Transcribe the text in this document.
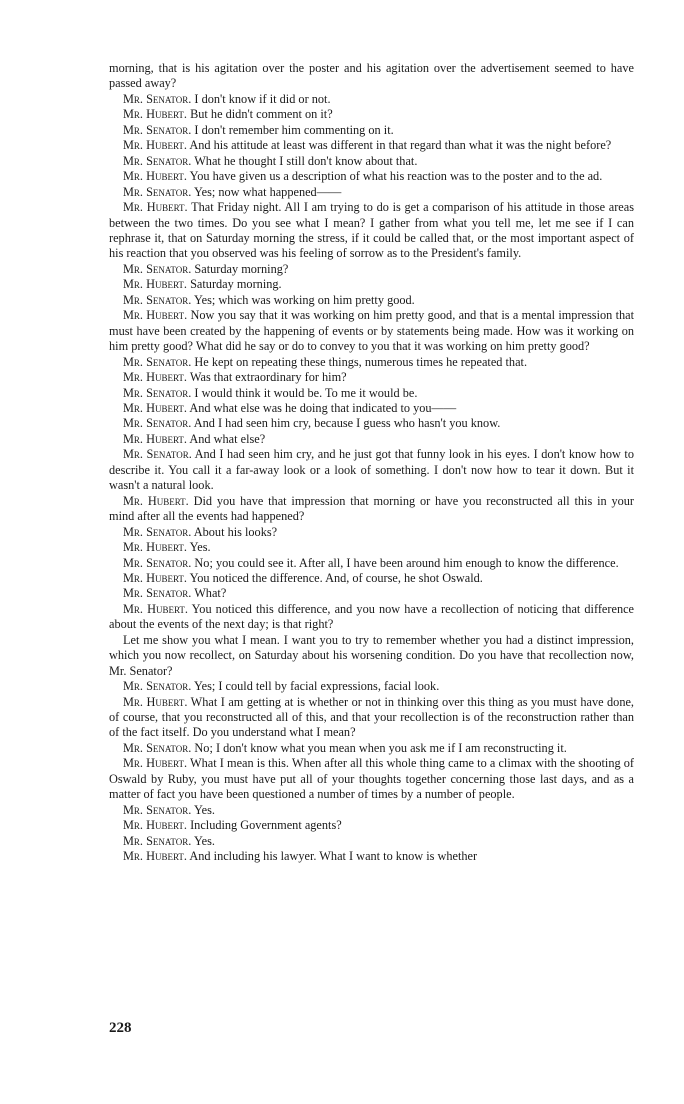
morning, that is his agitation over the poster and his agitation over the advertisement seemed to have passed away?

Mr. Senator. I don't know if it did or not.

Mr. Hubert. But he didn't comment on it?

Mr. Senator. I don't remember him commenting on it.

Mr. Hubert. And his attitude at least was different in that regard than what it was the night before?

Mr. Senator. What he thought I still don't know about that.

Mr. Hubert. You have given us a description of what his reaction was to the poster and to the ad.

Mr. Senator. Yes; now what happened——

Mr. Hubert. That Friday night. All I am trying to do is get a comparison of his attitude in those areas between the two times. Do you see what I mean? I gather from what you tell me, let me see if I can rephrase it, that on Saturday morning the stress, if it could be called that, or the most important aspect of his reaction that you observed was his feeling of sorrow as to the President's family.

Mr. Senator. Saturday morning?

Mr. Hubert. Saturday morning.

Mr. Senator. Yes; which was working on him pretty good.

Mr. Hubert. Now you say that it was working on him pretty good, and that is a mental impression that must have been created by the happening of events or by statements being made. How was it working on him pretty good? What did he say or do to convey to you that it was working on him pretty good?

Mr. Senator. He kept on repeating these things, numerous times he repeated that.

Mr. Hubert. Was that extraordinary for him?

Mr. Senator. I would think it would be. To me it would be.

Mr. Hubert. And what else was he doing that indicated to you——

Mr. Senator. And I had seen him cry, because I guess who hasn't you know.

Mr. Hubert. And what else?

Mr. Senator. And I had seen him cry, and he just got that funny look in his eyes. I don't know how to describe it. You call it a far-away look or a look of something. I don't now how to tear it down. But it wasn't a natural look.

Mr. Hubert. Did you have that impression that morning or have you reconstructed all this in your mind after all the events had happened?

Mr. Senator. About his looks?

Mr. Hubert. Yes.

Mr. Senator. No; you could see it. After all, I have been around him enough to know the difference.

Mr. Hubert. You noticed the difference. And, of course, he shot Oswald.

Mr. Senator. What?

Mr. Hubert. You noticed this difference, and you now have a recollection of noticing that difference about the events of the next day; is that right?

Let me show you what I mean. I want you to try to remember whether you had a distinct impression, which you now recollect, on Saturday about his worsening condition. Do you have that recollection now, Mr. Senator?

Mr. Senator. Yes; I could tell by facial expressions, facial look.

Mr. Hubert. What I am getting at is whether or not in thinking over this thing as you must have done, of course, that you reconstructed all of this, and that your recollection is of the reconstruction rather than of the fact itself. Do you understand what I mean?

Mr. Senator. No; I don't know what you mean when you ask me if I am reconstructing it.

Mr. Hubert. What I mean is this. When after all this whole thing came to a climax with the shooting of Oswald by Ruby, you must have put all of your thoughts together concerning those last days, and as a matter of fact you have been questioned a number of times by a number of people.

Mr. Senator. Yes.

Mr. Hubert. Including Government agents?

Mr. Senator. Yes.

Mr. Hubert. And including his lawyer. What I want to know is whether

228
